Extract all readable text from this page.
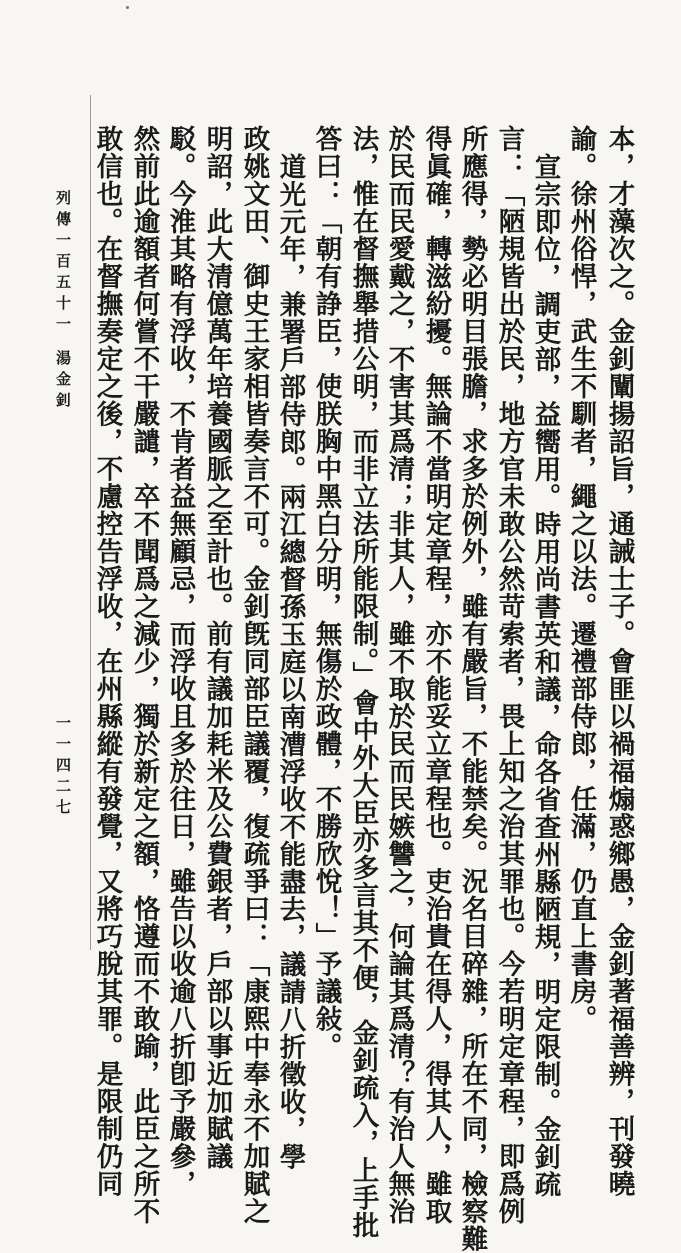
本，才藻次之。金釗闡揚詔旨，通誡士子。會匪以禍福煽惑鄉愚，金釗著福善辨，刊發曉
諭。徐州俗悍，武生不馴者，繩之以法。遷禮部侍郎，任滿，仍直上書房。
宣宗即位，調吏部，益嚮用。時用尚書英和議，命各省查州縣陋規，明定限制。金釗疏
言：「陋規皆出於民，地方官未敢公然苛索者，畏上知之治其罪也。今若明定章程，即爲例
所應得，勢必明目張膽，求多於例外，雖有嚴旨，不能禁矣。況名目碎雜，所在不同，檢察難
得眞確，轉滋紛擾。無論不當明定章程，亦不能妥立章程也。吏治貴在得人，得其人，雖取
於民而民愛戴之，不害其爲清；非其人，雖不取於民而民嫉讐之，何論其爲清？有治人無治
法，惟在督撫舉措公明，而非立法所能限制。」會中外大臣亦多言其不便，金釗疏入，上手批
答曰：「朝有諍臣，使朕胸中黑白分明，無傷於政體，不勝欣悅！」予議敍。
道光元年，兼署戶部侍郎。兩江總督孫玉庭以南漕浮收不能盡去，議請八折徵收，學
政姚文田、御史王家相皆奏言不可。金釗旣同部臣議覆，復疏爭曰：「康熙中奉永不加賦之
明詔，此大清億萬年培養國脈之至計也。前有議加耗米及公費銀者，戶部以事近加賦議
駁。今淮其略有浮收，不肯者益無顧忌，而浮收且多於往日，雖告以收逾八折卽予嚴參，
然前此逾額者何嘗不干嚴譴，卒不聞爲之減少，獨於新定之額，恪遵而不敢踰，此臣之所不
敢信也。在督撫奏定之後，不慮控告浮收，在州縣縱有發覺，又將巧脫其罪。是限制仍同
列傳一百五十一
湯金釗
一一四二七
